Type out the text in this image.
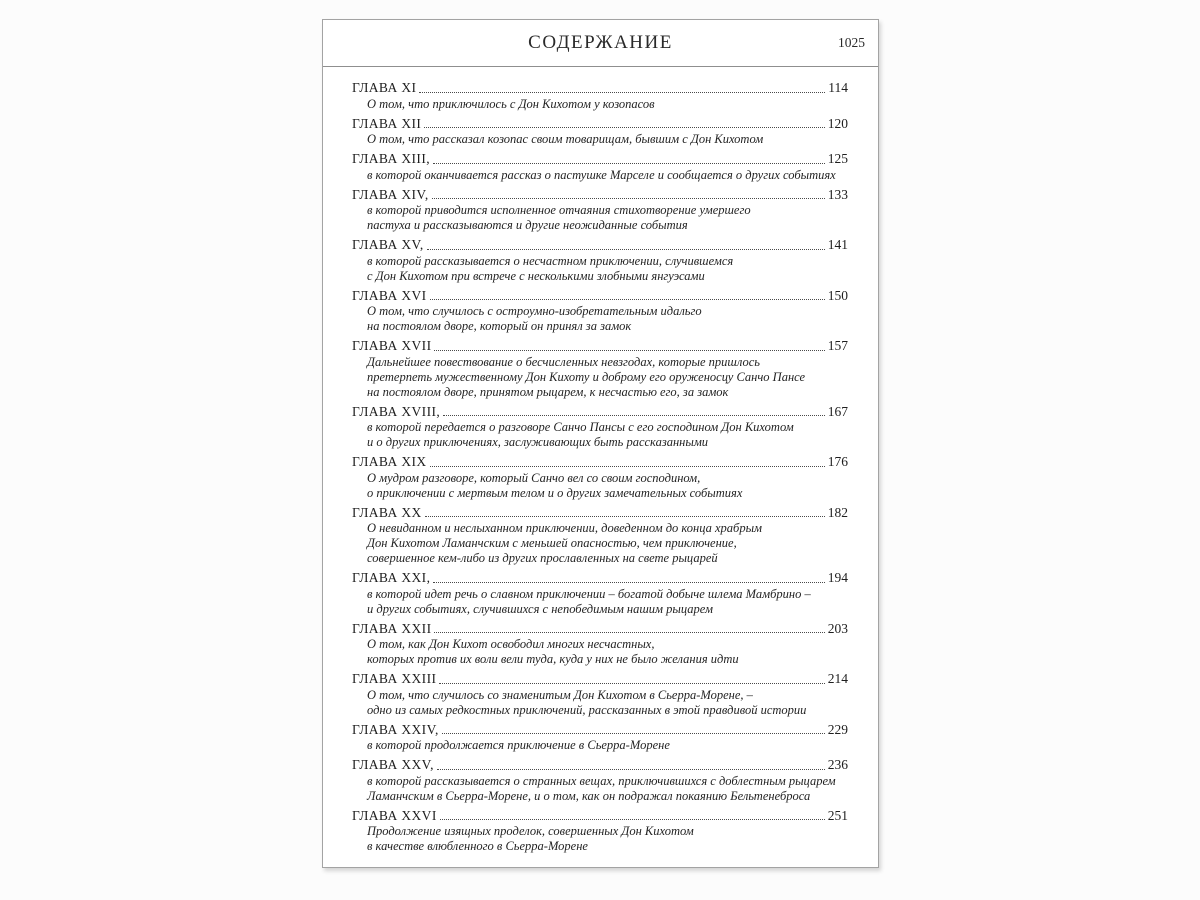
СОДЕРЖАНИЕ	1025
ГЛАВА XI	114
О том, что приключилось с Дон Кихотом у козопасов
ГЛАВА XII	120
О том, что рассказал козопас своим товарищам, бывшим с Дон Кихотом
ГЛАВА XIII,	125
в которой оканчивается рассказ о пастушке Марселе и сообщается о других событиях
ГЛАВА XIV,	133
в которой приводится исполненное отчаяния стихотворение умершего
пастуха и рассказываются и другие неожиданные события
ГЛАВА XV,	141
в которой рассказывается о несчастном приключении, случившемся
с Дон Кихотом при встрече с несколькими злобными янгуэсами
ГЛАВА XVI	150
О том, что случилось с остроумно-изобретательным идальго
на постоялом дворе, который он принял за замок
ГЛАВА XVII	157
Дальнейшее повествование о бесчисленных невзгодах, которые пришлось
претерпеть мужественному Дон Кихоту и доброму его оруженосцу Санчо Пансе
на постоялом дворе, принятом рыцарем, к несчастью его, за замок
ГЛАВА XVIII,	167
в которой передается о разговоре Санчо Пансы с его господином Дон Кихотом
и о других приключениях, заслуживающих быть рассказанными
ГЛАВА XIX	176
О мудром разговоре, который Санчо вел со своим господином,
о приключении с мертвым телом и о других замечательных событиях
ГЛАВА XX	182
О невиданном и неслыханном приключении, доведенном до конца храбрым
Дон Кихотом Ламанчским с меньшей опасностью, чем приключение,
совершенное кем-либо из других прославленных на свете рыцарей
ГЛАВА XXI,	194
в которой идет речь о славном приключении – богатой добыче шлема Мамбрино –
и других событиях, случившихся с непобедимым нашим рыцарем
ГЛАВА XXII	203
О том, как Дон Кихот освободил многих несчастных,
которых против их воли вели туда, куда у них не было желания идти
ГЛАВА XXIII	214
О том, что случилось со знаменитым Дон Кихотом в Сьерра-Морене, –
одно из самых редкостных приключений, рассказанных в этой правдивой истории
ГЛАВА XXIV,	229
в которой продолжается приключение в Сьерра-Морене
ГЛАВА XXV,	236
в которой рассказывается о странных вещах, приключившихся с доблестным рыцарем
Ламанчским в Сьерра-Морене, и о том, как он подражал покаянию Бельтенеброса
ГЛАВА XXVI	251
Продолжение изящных проделок, совершенных Дон Кихотом
в качестве влюбленного в Сьерра-Морене
